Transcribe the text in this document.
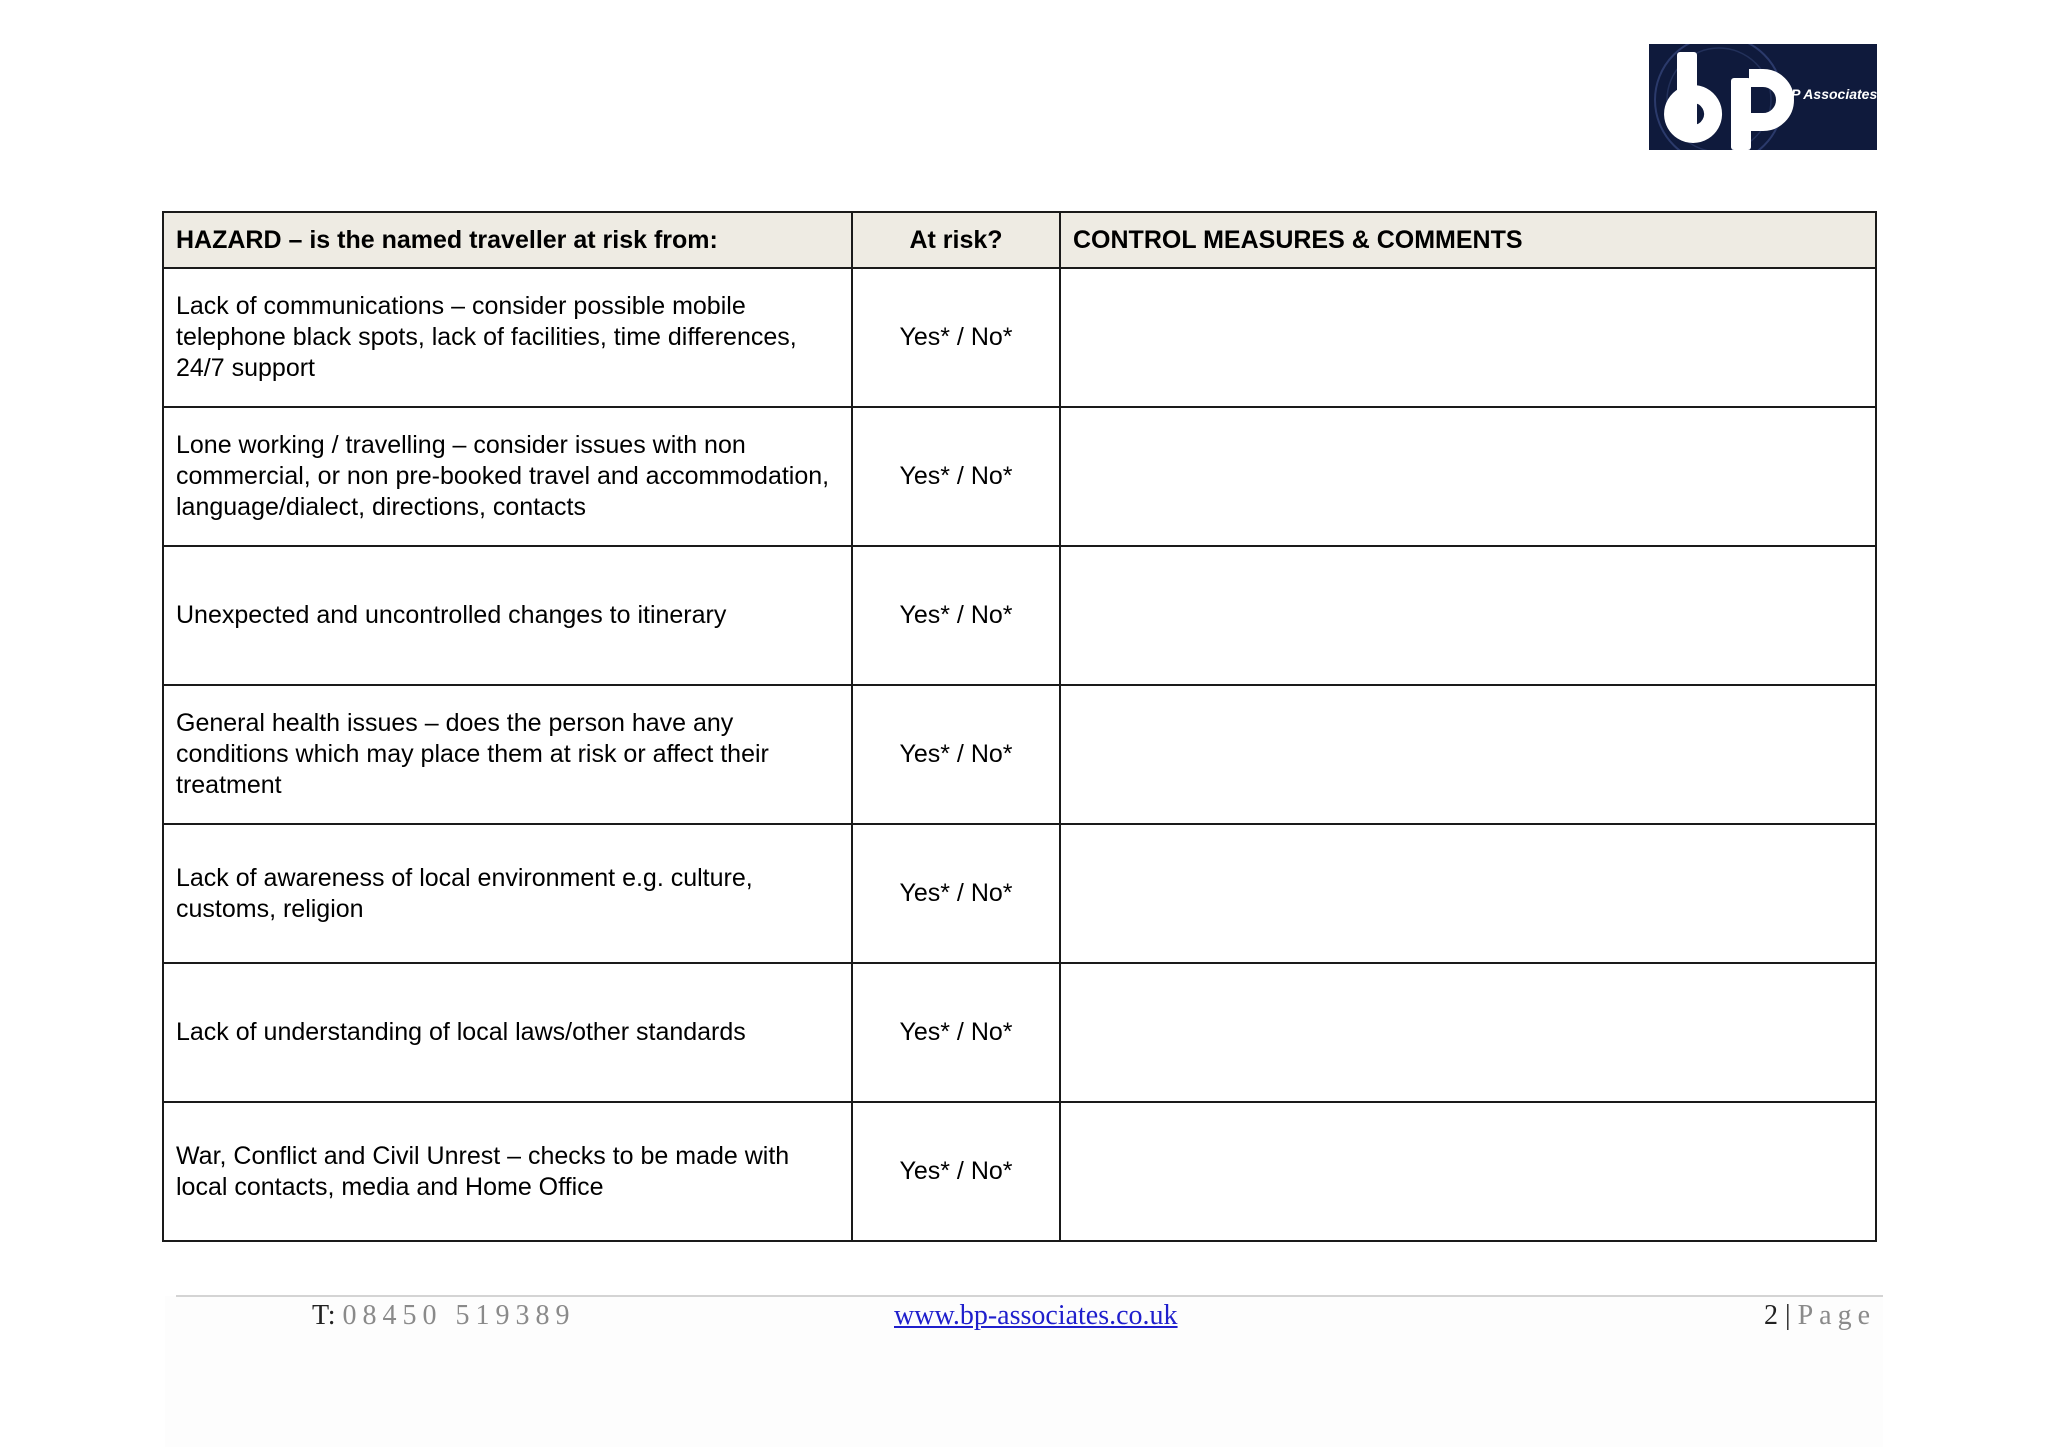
BP Associates
HAZARD – is the named traveller at risk from:	At risk?	CONTROL MEASURES & COMMENTS
Lack of communications – consider possible mobile telephone black spots, lack of facilities, time differences, 24/7 support	Yes* / No*	
Lone working / travelling – consider issues with non commercial, or non pre-booked travel and accommodation, language/dialect, directions, contacts	Yes* / No*	
Unexpected and uncontrolled changes to itinerary	Yes* / No*	
General health issues – does the person have any conditions which may place them at risk or affect their treatment	Yes* / No*	
Lack of awareness of local environment e.g. culture, customs, religion	Yes* / No*	
Lack of understanding of local laws/other standards	Yes* / No*	
War, Conflict and Civil Unrest – checks to be made with local contacts, media and Home Office	Yes* / No*	
T: 08450 519389	www.bp-associates.co.uk	2 | Page
